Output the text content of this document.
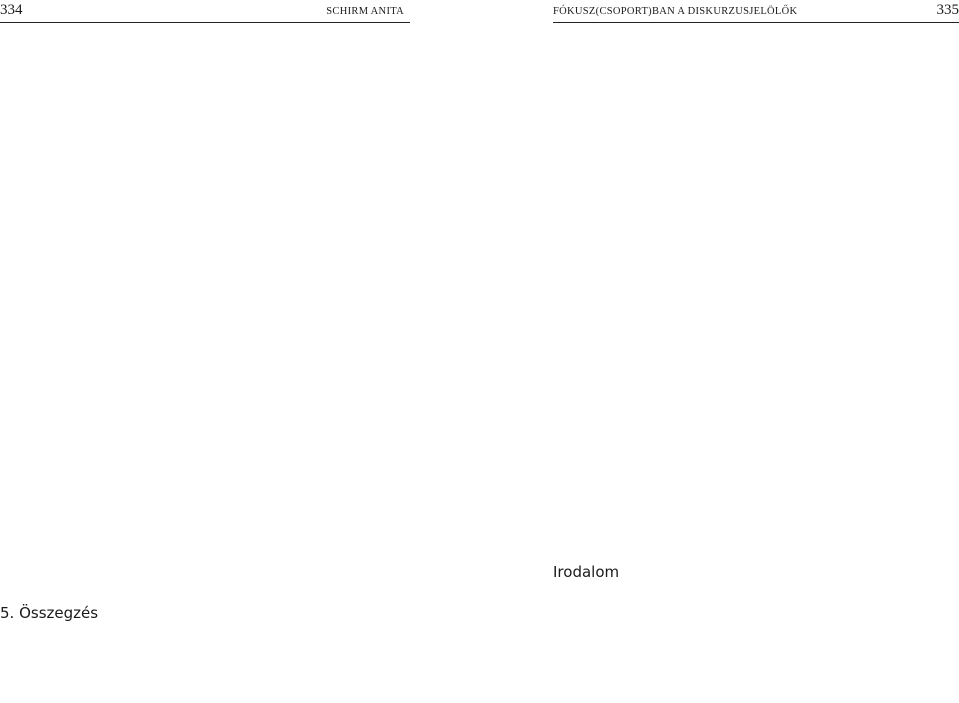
334	SCHIRM ANITA
5. Összegzés
FÓKUSZ(CSOPORT)BAN A DISKURZUSJELÖLŐK	335
Irodalom
